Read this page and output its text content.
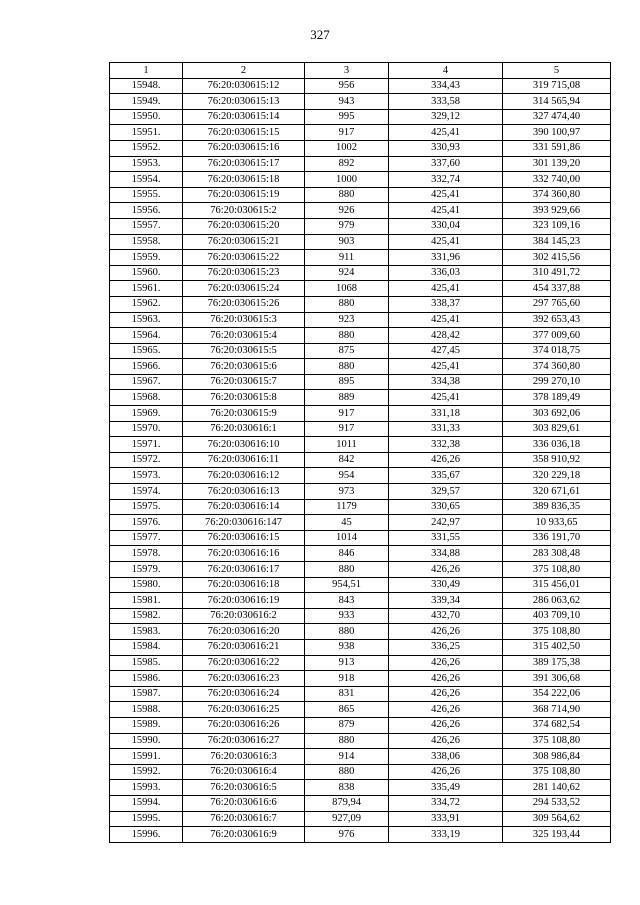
327
1	2	3	4	5
15948.	76:20:030615:12	956	334,43	319 715,08
15949.	76:20:030615:13	943	333,58	314 565,94
15950.	76:20:030615:14	995	329,12	327 474,40
15951.	76:20:030615:15	917	425,41	390 100,97
15952.	76:20:030615:16	1002	330,93	331 591,86
15953.	76:20:030615:17	892	337,60	301 139,20
15954.	76:20:030615:18	1000	332,74	332 740,00
15955.	76:20:030615:19	880	425,41	374 360,80
15956.	76:20:030615:2	926	425,41	393 929,66
15957.	76:20:030615:20	979	330,04	323 109,16
15958.	76:20:030615:21	903	425,41	384 145,23
15959.	76:20:030615:22	911	331,96	302 415,56
15960.	76:20:030615:23	924	336,03	310 491,72
15961.	76:20:030615:24	1068	425,41	454 337,88
15962.	76:20:030615:26	880	338,37	297 765,60
15963.	76:20:030615:3	923	425,41	392 653,43
15964.	76:20:030615:4	880	428,42	377 009,60
15965.	76:20:030615:5	875	427,45	374 018,75
15966.	76:20:030615:6	880	425,41	374 360,80
15967.	76:20:030615:7	895	334,38	299 270,10
15968.	76:20:030615:8	889	425,41	378 189,49
15969.	76:20:030615:9	917	331,18	303 692,06
15970.	76:20:030616:1	917	331,33	303 829,61
15971.	76:20:030616:10	1011	332,38	336 036,18
15972.	76:20:030616:11	842	426,26	358 910,92
15973.	76:20:030616:12	954	335,67	320 229,18
15974.	76:20:030616:13	973	329,57	320 671,61
15975.	76:20:030616:14	1179	330,65	389 836,35
15976.	76:20:030616:147	45	242,97	10 933,65
15977.	76:20:030616:15	1014	331,55	336 191,70
15978.	76:20:030616:16	846	334,88	283 308,48
15979.	76:20:030616:17	880	426,26	375 108,80
15980.	76:20:030616:18	954,51	330,49	315 456,01
15981.	76:20:030616:19	843	339,34	286 063,62
15982.	76:20:030616:2	933	432,70	403 709,10
15983.	76:20:030616:20	880	426,26	375 108,80
15984.	76:20:030616:21	938	336,25	315 402,50
15985.	76:20:030616:22	913	426,26	389 175,38
15986.	76:20:030616:23	918	426,26	391 306,68
15987.	76:20:030616:24	831	426,26	354 222,06
15988.	76:20:030616:25	865	426,26	368 714,90
15989.	76:20:030616:26	879	426,26	374 682,54
15990.	76:20:030616:27	880	426,26	375 108,80
15991.	76:20:030616:3	914	338,06	308 986,84
15992.	76:20:030616:4	880	426,26	375 108,80
15993.	76:20:030616:5	838	335,49	281 140,62
15994.	76:20:030616:6	879,94	334,72	294 533,52
15995.	76:20:030616:7	927,09	333,91	309 564,62
15996.	76:20:030616:9	976	333,19	325 193,44
